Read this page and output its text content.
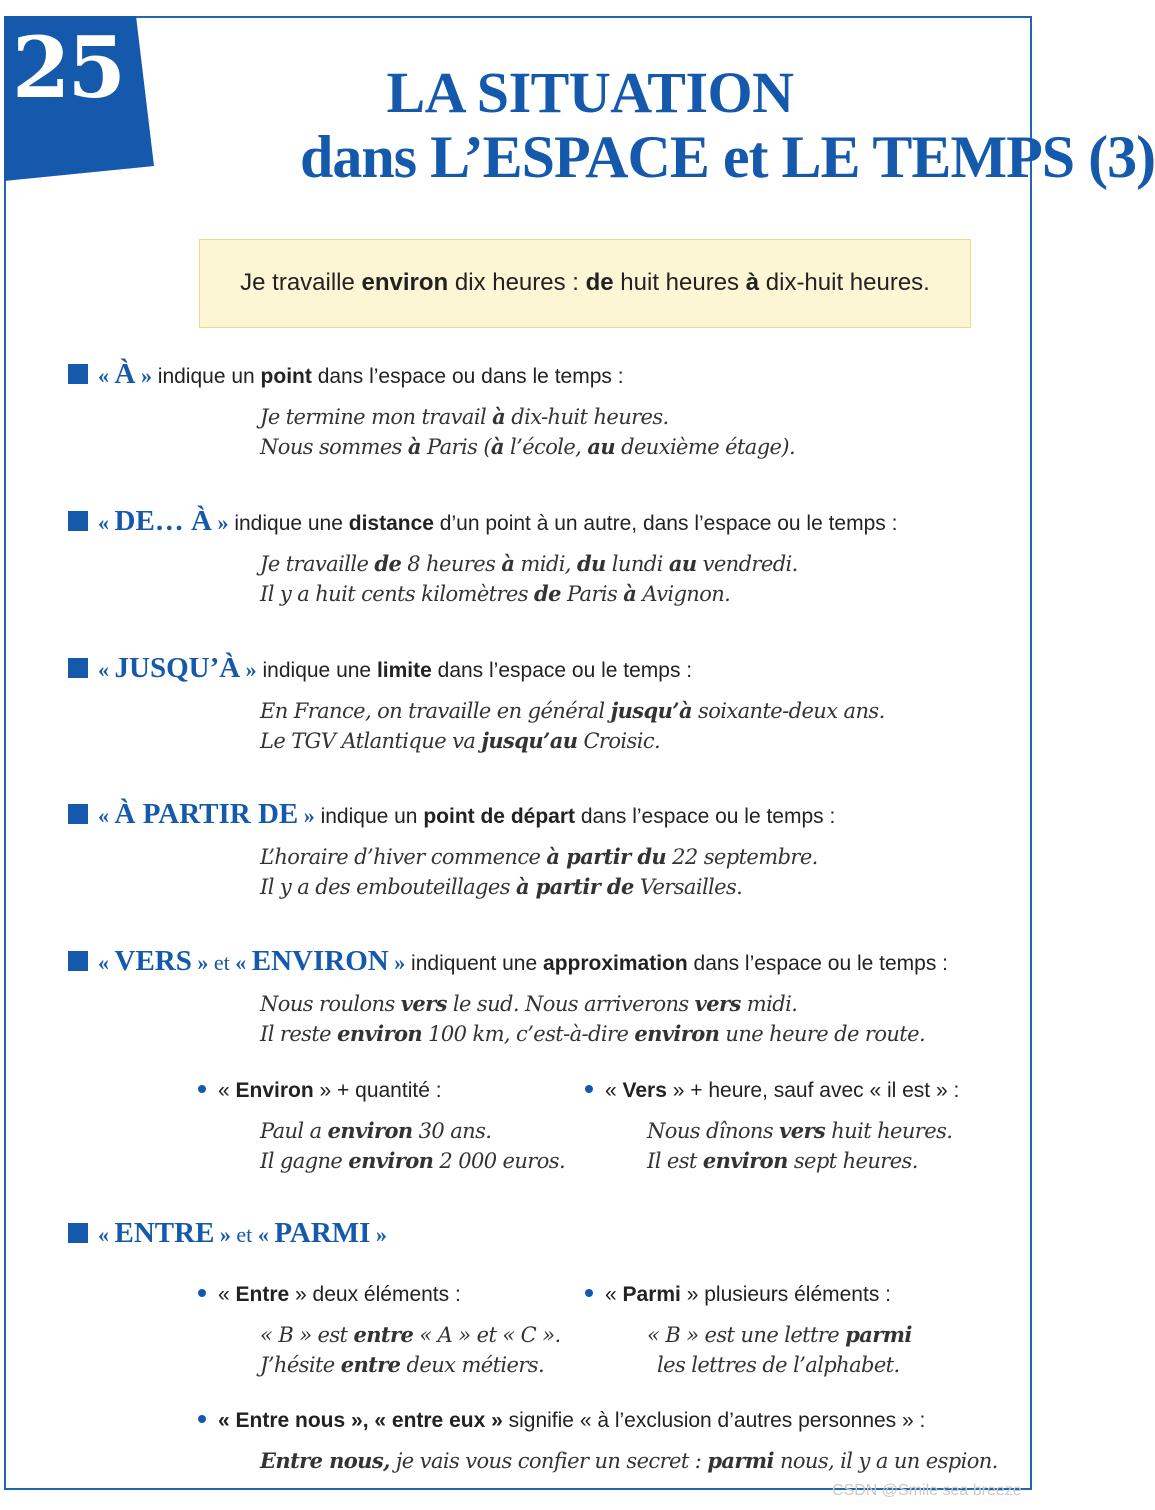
25	LA SITUATION
dans L’ESPACE et LE TEMPS (3)
Je travaille environ dix heures : de huit heures à dix-huit heures.
« À » indique un point dans l’espace ou dans le temps :
Je termine mon travail à dix-huit heures.
Nous sommes à Paris (à l’école, au deuxième étage).
« DE… À » indique une distance d’un point à un autre, dans l’espace ou le temps :
Je travaille de 8 heures à midi, du lundi au vendredi.
Il y a huit cents kilomètres de Paris à Avignon.
« JUSQU’À » indique une limite dans l’espace ou le temps :
En France, on travaille en général jusqu’à soixante-deux ans.
Le TGV Atlantique va jusqu’au Croisic.
« À PARTIR DE » indique un point de départ dans l’espace ou le temps :
L’horaire d’hiver commence à partir du 22 septembre.
Il y a des embouteillages à partir de Versailles.
« VERS » et « ENVIRON » indiquent une approximation dans l’espace ou le temps :
Nous roulons vers le sud. Nous arriverons vers midi.
Il reste environ 100 km, c’est-à-dire environ une heure de route.
« Environ » + quantité :
Paul a environ 30 ans.
Il gagne environ 2 000 euros.
« Vers » + heure, sauf avec « il est » :
Nous dînons vers huit heures.
Il est environ sept heures.
« ENTRE » et « PARMI »
« Entre » deux éléments :
« B » est entre « A » et « C ».
J’hésite entre deux métiers.
« Parmi » plusieurs éléments :
« B » est une lettre parmi
les lettres de l’alphabet.
« Entre nous », « entre eux » signifie « à l’exclusion d’autres personnes » :
Entre nous, je vais vous confier un secret : parmi nous, il y a un espion.
CSDN @Smile sea breeze
